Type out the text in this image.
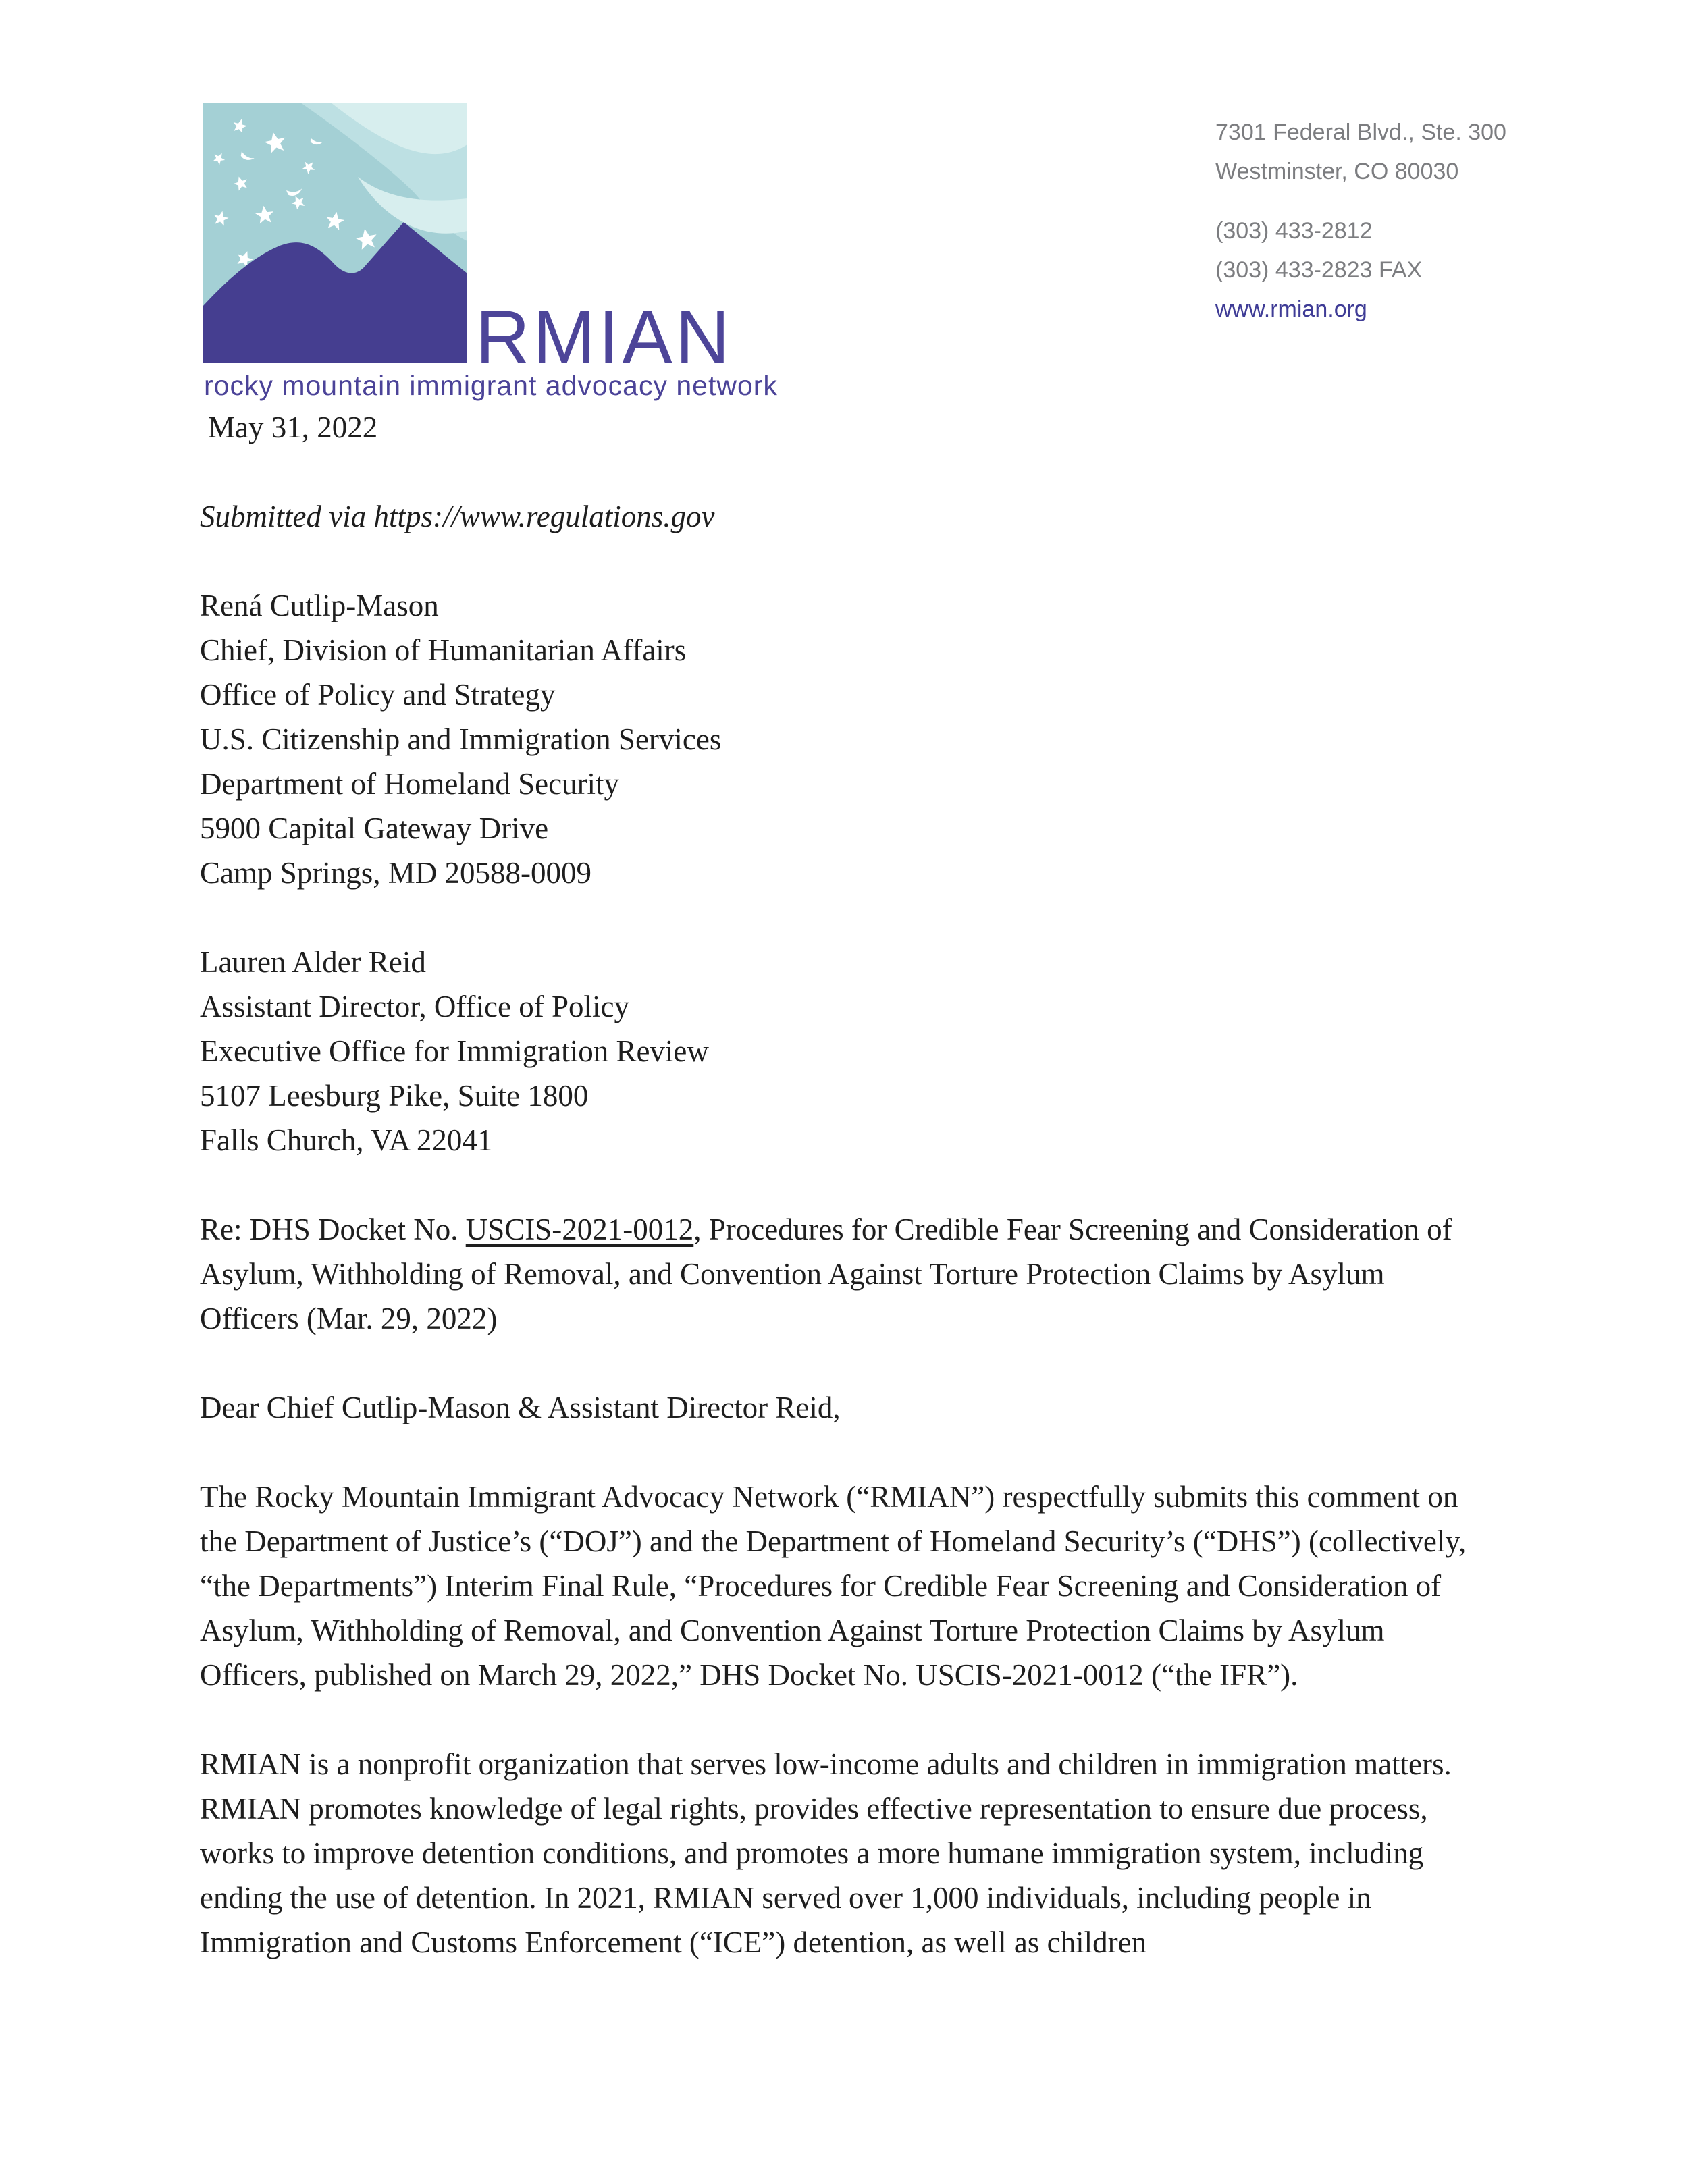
RMIAN
rocky mountain immigrant advocacy network
7301 Federal Blvd., Ste. 300
Westminster, CO 80030
(303) 433-2812
(303) 433-2823 FAX
www.rmian.org
May 31, 2022
Submitted via https://www.regulations.gov
Rená Cutlip-Mason
Chief, Division of Humanitarian Affairs
Office of Policy and Strategy
U.S. Citizenship and Immigration Services
Department of Homeland Security
5900 Capital Gateway Drive
Camp Springs, MD 20588-0009
Lauren Alder Reid
Assistant Director, Office of Policy
Executive Office for Immigration Review
5107 Leesburg Pike, Suite 1800
Falls Church, VA 22041

Re: DHS Docket No. USCIS-2021-0012, Procedures for Credible Fear Screening and Consideration of Asylum, Withholding of Removal, and Convention Against Torture Protection Claims by Asylum Officers (Mar. 29, 2022)

Dear Chief Cutlip-Mason & Assistant Director Reid,

The Rocky Mountain Immigrant Advocacy Network (“RMIAN”) respectfully submits this comment on the Department of Justice’s (“DOJ”) and the Department of Homeland Security’s (“DHS”) (collectively, “the Departments”) Interim Final Rule, “Procedures for Credible Fear Screening and Consideration of Asylum, Withholding of Removal, and Convention Against Torture Protection Claims by Asylum Officers, published on March 29, 2022,” DHS Docket No. USCIS-2021-0012 (“the IFR”).

RMIAN is a nonprofit organization that serves low-income adults and children in immigration matters. RMIAN promotes knowledge of legal rights, provides effective representation to ensure due process, works to improve detention conditions, and promotes a more humane immigration system, including ending the use of detention. In 2021, RMIAN served over 1,000 individuals, including people in Immigration and Customs Enforcement (“ICE”) detention, as well as children
